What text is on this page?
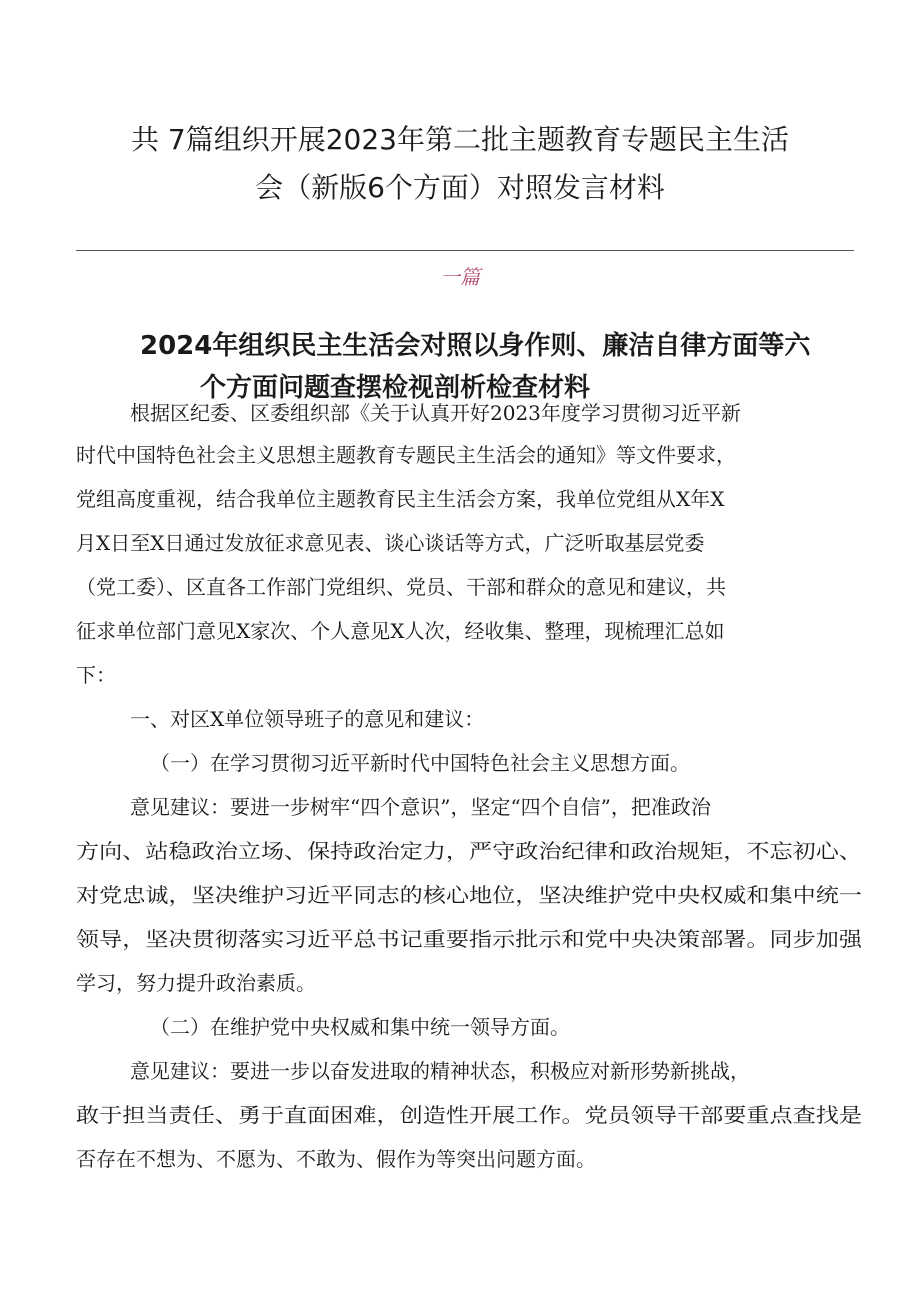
共 7篇组织开展2023年第二批主题教育专题民主生活
会（新版6个方面）对照发言材料
一篇
2024年组织民主生活会对照以身作则、廉洁自律方面等六
个方面问题查摆检视剖析检查材料
根据区纪委、区委组织部《关于认真开好2023年度学习贯彻习近平新
时代中国特色社会主义思想主题教育专题民主生活会的通知》等文件要求，
党组高度重视，结合我单位主题教育民主生活会方案，我单位党组从X年X
月X日至X日通过发放征求意见表、谈心谈话等方式，广泛听取基层党委
（党工委）、区直各工作部门党组织、党员、干部和群众的意见和建议，共
征求单位部门意见X家次、个人意见X人次，经收集、整理，现梳理汇总如
下：
一、对区X单位领导班子的意见和建议：
（一）在学习贯彻习近平新时代中国特色社会主义思想方面。
意见建议：要进一步树牢“四个意识”，坚定“四个自信”，把准政治
方向、站稳政治立场、保持政治定力，严守政治纪律和政治规矩，不忘初心、
对党忠诚，坚决维护习近平同志的核心地位，坚决维护党中央权威和集中统一
领导，坚决贯彻落实习近平总书记重要指示批示和党中央决策部署。同步加强
学习，努力提升政治素质。
（二）在维护党中央权威和集中统一领导方面。
意见建议：要进一步以奋发进取的精神状态，积极应对新形势新挑战，
敢于担当责任、勇于直面困难，创造性开展工作。党员领导干部要重点查找是
否存在不想为、不愿为、不敢为、假作为等突出问题方面。
